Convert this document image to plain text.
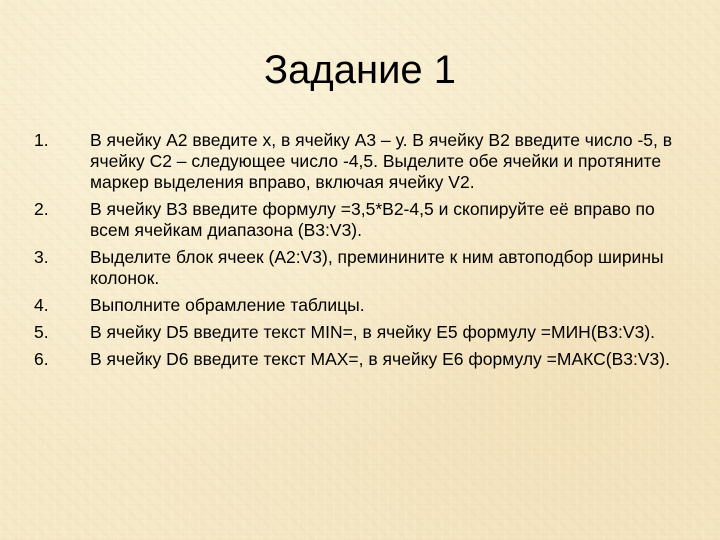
Задание 1
1. В ячейку А2 введите х, в ячейку А3 – у. В ячейку В2 введите число -5, в ячейку С2 – следующее число -4,5. Выделите обе ячейки и протяните маркер выделения вправо, включая ячейку V2.
2. В ячейку В3 введите формулу =3,5*В2-4,5 и скопируйте её вправо по всем ячейкам диапазона (В3:V3).
3. Выделите блок ячеек (А2:V3), преминините к ним автоподбор ширины колонок.
4. Выполните обрамление таблицы.
5. В ячейку D5 введите текст MIN=, в ячейку Е5 формулу =МИН(В3:V3).
6. В ячейку D6 введите текст MAX=, в ячейку Е6 формулу =МАКС(В3:V3).
